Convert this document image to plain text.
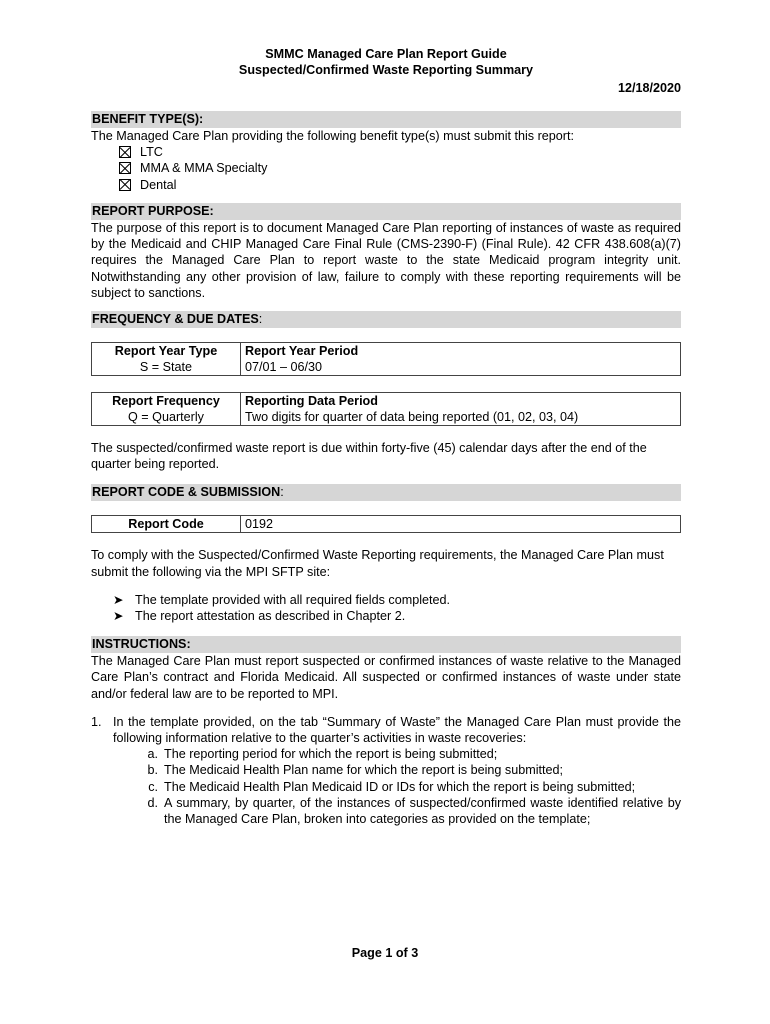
SMMC Managed Care Plan Report Guide
Suspected/Confirmed Waste Reporting Summary
12/18/2020
BENEFIT TYPE(S):

The Managed Care Plan providing the following benefit type(s) must submit this report:

LTC
MMA & MMA Specialty
Dental
REPORT PURPOSE:

The purpose of this report is to document Managed Care Plan reporting of instances of waste as required by the Medicaid and CHIP Managed Care Final Rule (CMS-2390-F) (Final Rule). 42 CFR 438.608(a)(7) requires the Managed Care Plan to report waste to the state Medicaid program integrity unit. Notwithstanding any other provision of law, failure to comply with these reporting requirements will be subject to sanctions.

FREQUENCY & DUE DATES:
Report Year Type	Report Year Period
S = State	07/01 – 06/30
Report Frequency	Reporting Data Period
Q = Quarterly	Two digits for quarter of data being reported (01, 02, 03, 04)

The suspected/confirmed waste report is due within forty-five (45) calendar days after the end of the quarter being reported.

REPORT CODE & SUBMISSION:
Report Code	0192

To comply with the Suspected/Confirmed Waste Reporting requirements, the Managed Care Plan must submit the following via the MPI SFTP site:

➤ The template provided with all required fields completed.
➤ The report attestation as described in Chapter 2.
INSTRUCTIONS:

The Managed Care Plan must report suspected or confirmed instances of waste relative to the Managed Care Plan’s contract and Florida Medicaid. All suspected or confirmed instances of waste under state and/or federal law are to be reported to MPI.

1. In the template provided, on the tab “Summary of Waste” the Managed Care Plan must provide the following information relative to the quarter’s activities in waste recoveries:
a. The reporting period for which the report is being submitted;
b. The Medicaid Health Plan name for which the report is being submitted;
c. The Medicaid Health Plan Medicaid ID or IDs for which the report is being submitted;
d. A summary, by quarter, of the instances of suspected/confirmed waste identified relative by the Managed Care Plan, broken into categories as provided on the template;
Page 1 of 3
